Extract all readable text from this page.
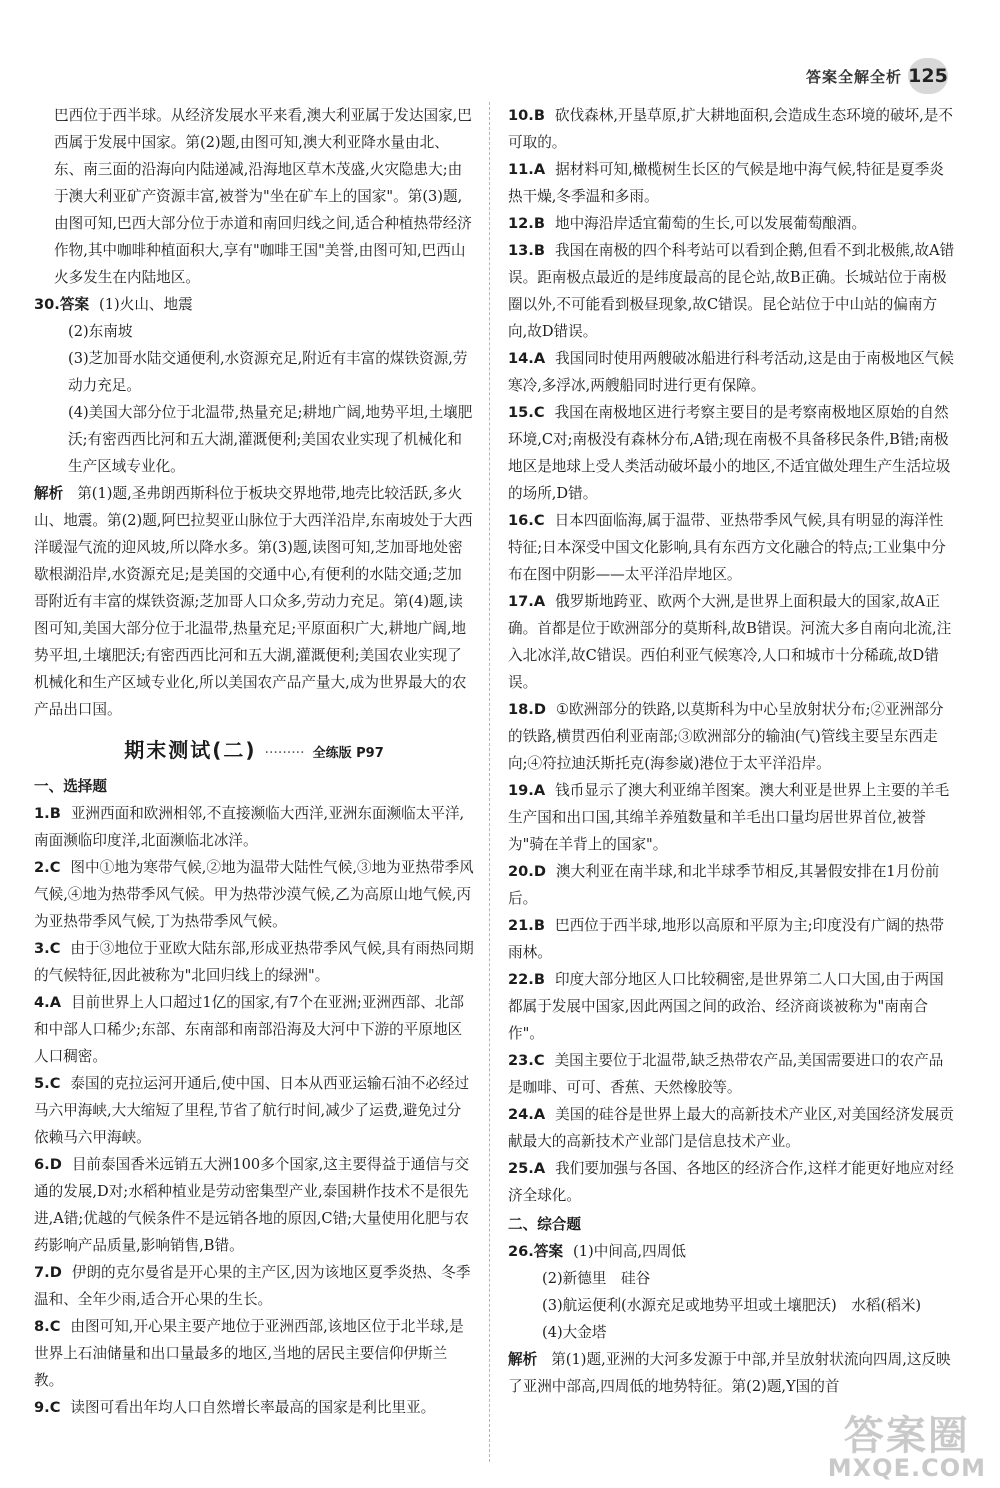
答案全解全析 125

巴西位于西半球。从经济发展水平来看,澳大利亚属于发达国家,巴西属于发展中国家。第(2)题,由图可知,澳大利亚降水量由北、东、南三面的沿海向内陆递减,沿海地区草木茂盛,火灾隐患大;由于澳大利亚矿产资源丰富,被誉为"坐在矿车上的国家"。第(3)题,由图可知,巴西大部分位于赤道和南回归线之间,适合种植热带经济作物,其中咖啡种植面积大,享有"咖啡王国"美誉,由图可知,巴西山火多发生在内陆地区。

30.答案 (1)火山、地震

(2)东南坡

(3)芝加哥水陆交通便利,水资源充足,附近有丰富的煤铁资源,劳动力充足。

(4)美国大部分位于北温带,热量充足;耕地广阔,地势平坦,土壤肥沃;有密西西比河和五大湖,灌溉便利;美国农业实现了机械化和生产区域专业化。

解析 第(1)题,圣弗朗西斯科位于板块交界地带,地壳比较活跃,多火山、地震。第(2)题,阿巴拉契亚山脉位于大西洋沿岸,东南坡处于大西洋暖湿气流的迎风坡,所以降水多。第(3)题,读图可知,芝加哥地处密歇根湖沿岸,水资源充足;是美国的交通中心,有便利的水陆交通;芝加哥附近有丰富的煤铁资源;芝加哥人口众多,劳动力充足。第(4)题,读图可知,美国大部分位于北温带,热量充足;平原面积广大,耕地广阔,地势平坦,土壤肥沃;有密西西比河和五大湖,灌溉便利;美国农业实现了机械化和生产区域专业化,所以美国农产品产量大,成为世界最大的农产品出口国。

期末测试(二) ········· 全练版 P97

一、选择题

1.B 亚洲西面和欧洲相邻,不直接濒临大西洋,亚洲东面濒临太平洋,南面濒临印度洋,北面濒临北冰洋。

2.C 图中①地为寒带气候,②地为温带大陆性气候,③地为亚热带季风气候,④地为热带季风气候。甲为热带沙漠气候,乙为高原山地气候,丙为亚热带季风气候,丁为热带季风气候。

3.C 由于③地位于亚欧大陆东部,形成亚热带季风气候,具有雨热同期的气候特征,因此被称为"北回归线上的绿洲"。

4.A 目前世界上人口超过1亿的国家,有7个在亚洲;亚洲西部、北部和中部人口稀少;东部、东南部和南部沿海及大河中下游的平原地区人口稠密。

5.C 泰国的克拉运河开通后,使中国、日本从西亚运输石油不必经过马六甲海峡,大大缩短了里程,节省了航行时间,减少了运费,避免过分依赖马六甲海峡。

6.D 目前泰国香米远销五大洲100多个国家,这主要得益于通信与交通的发展,D对;水稻种植业是劳动密集型产业,泰国耕作技术不是很先进,A错;优越的气候条件不是远销各地的原因,C错;大量使用化肥与农药影响产品质量,影响销售,B错。

7.D 伊朗的克尔曼省是开心果的主产区,因为该地区夏季炎热、冬季温和、全年少雨,适合开心果的生长。

8.C 由图可知,开心果主要产地位于亚洲西部,该地区位于北半球,是世界上石油储量和出口量最多的地区,当地的居民主要信仰伊斯兰教。

9.C 读图可看出年均人口自然增长率最高的国家是利比里亚。

10.B 砍伐森林,开垦草原,扩大耕地面积,会造成生态环境的破坏,是不可取的。

11.A 据材料可知,橄榄树生长区的气候是地中海气候,特征是夏季炎热干燥,冬季温和多雨。

12.B 地中海沿岸适宜葡萄的生长,可以发展葡萄酿酒。

13.B 我国在南极的四个科考站可以看到企鹅,但看不到北极熊,故A错误。距南极点最近的是纬度最高的昆仑站,故B正确。长城站位于南极圈以外,不可能看到极昼现象,故C错误。昆仑站位于中山站的偏南方向,故D错误。

14.A 我国同时使用两艘破冰船进行科考活动,这是由于南极地区气候寒冷,多浮冰,两艘船同时进行更有保障。

15.C 我国在南极地区进行考察主要目的是考察南极地区原始的自然环境,C对;南极没有森林分布,A错;现在南极不具备移民条件,B错;南极地区是地球上受人类活动破坏最小的地区,不适宜做处理生产生活垃圾的场所,D错。

16.C 日本四面临海,属于温带、亚热带季风气候,具有明显的海洋性特征;日本深受中国文化影响,具有东西方文化融合的特点;工业集中分布在图中阴影——太平洋沿岸地区。

17.A 俄罗斯地跨亚、欧两个大洲,是世界上面积最大的国家,故A正确。首都是位于欧洲部分的莫斯科,故B错误。河流大多自南向北流,注入北冰洋,故C错误。西伯利亚气候寒冷,人口和城市十分稀疏,故D错误。

18.D ①欧洲部分的铁路,以莫斯科为中心呈放射状分布;②亚洲部分的铁路,横贯西伯利亚南部;③欧洲部分的输油(气)管线主要呈东西走向;④符拉迪沃斯托克(海参崴)港位于太平洋沿岸。

19.A 钱币显示了澳大利亚绵羊图案。澳大利亚是世界上主要的羊毛生产国和出口国,其绵羊养殖数量和羊毛出口量均居世界首位,被誉为"骑在羊背上的国家"。

20.D 澳大利亚在南半球,和北半球季节相反,其暑假安排在1月份前后。

21.B 巴西位于西半球,地形以高原和平原为主;印度没有广阔的热带雨林。

22.B 印度大部分地区人口比较稠密,是世界第二人口大国,由于两国都属于发展中国家,因此两国之间的政治、经济商谈被称为"南南合作"。

23.C 美国主要位于北温带,缺乏热带农产品,美国需要进口的农产品是咖啡、可可、香蕉、天然橡胶等。

24.A 美国的硅谷是世界上最大的高新技术产业区,对美国经济发展贡献最大的高新技术产业部门是信息技术产业。

25.A 我们要加强与各国、各地区的经济合作,这样才能更好地应对经济全球化。

二、综合题

26.答案 (1)中间高,四周低

(2)新德里　硅谷

(3)航运便利(水源充足或地势平坦或土壤肥沃)　水稻(稻米)

(4)大金塔

解析 第(1)题,亚洲的大河多发源于中部,并呈放射状流向四周,这反映了亚洲中部高,四周低的地势特征。第(2)题,Y国的首

答案圈
MXQE.COM
